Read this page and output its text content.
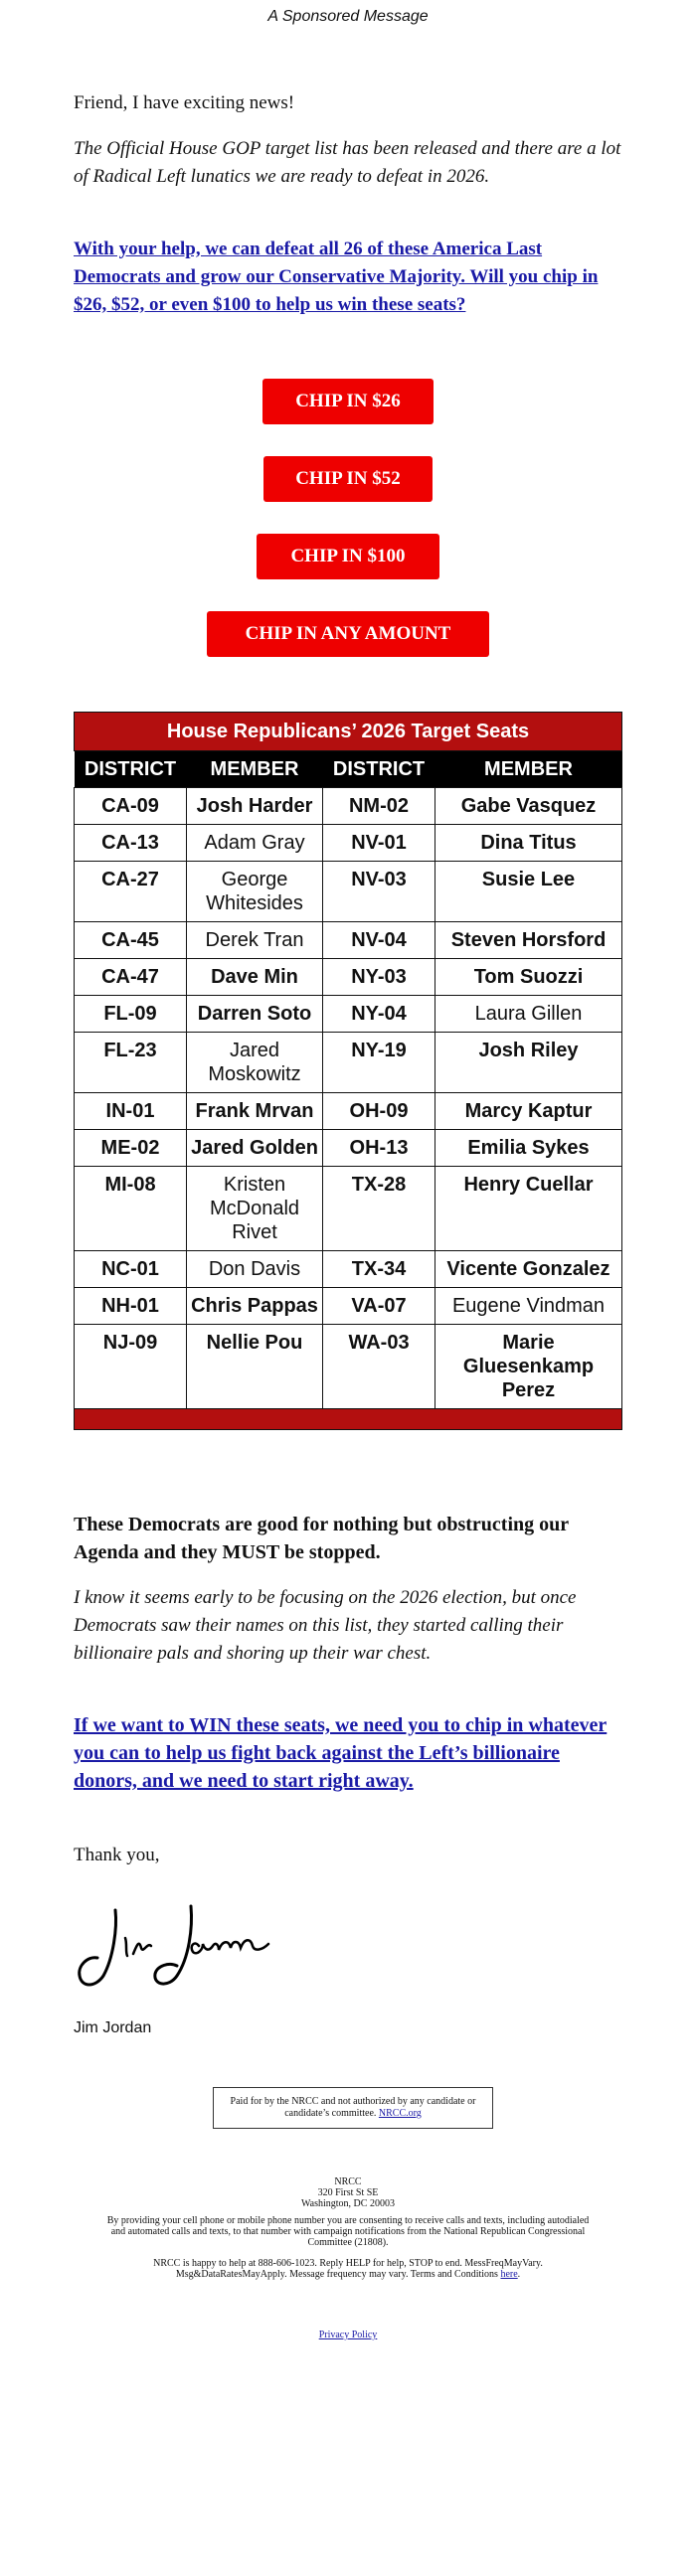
A Sponsored Message

Friend, I have exciting news!

The Official House GOP target list has been released and there are a lot of Radical Left lunatics we are ready to defeat in 2026.

With your help, we can defeat all 26 of these America Last Democrats and grow our Conservative Majority. Will you chip in $26, $52, or even $100 to help us win these seats?
CHIP IN $26
CHIP IN $52
CHIP IN $100
CHIP IN ANY AMOUNT

These Democrats are good for nothing but obstructing our Agenda and they MUST be stopped.

I know it seems early to be focusing on the 2026 election, but once Democrats saw their names on this list, they started calling their billionaire pals and shoring up their war chest.

If we want to WIN these seats, we need you to chip in whatever you can to help us fight back against the Left’s billionaire donors, and we need to start right away.

Thank you,

Jim Jordan
House Republicans’ 2026 Target Seats			
DISTRICT	MEMBER	DISTRICT	MEMBER
CA-09	Josh Harder	NM-02	Gabe Vasquez
CA-13	Adam Gray	NV-01	Dina Titus
CA-27	George Whitesides	NV-03	Susie Lee
CA-45	Derek Tran	NV-04	Steven Horsford
CA-47	Dave Min	NY-03	Tom Suozzi
FL-09	Darren Soto	NY-04	Laura Gillen
FL-23	Jared Moskowitz	NY-19	Josh Riley
IN-01	Frank Mrvan	OH-09	Marcy Kaptur
ME-02	Jared Golden	OH-13	Emilia Sykes
MI-08	Kristen McDonald Rivet	TX-28	Henry Cuellar
NC-01	Don Davis	TX-34	Vicente Gonzalez
NH-01	Chris Pappas	VA-07	Eugene Vindman
NJ-09	Nellie Pou	WA-03	Marie Gluesenkamp Perez

Paid for by the NRCC and not authorized by any candidate or candidate’s committee. NRCC.org
NRCC
320 First St SE
Washington, DC 20003
By providing your cell phone or mobile phone number you are consenting to receive calls and texts, including autodialed and automated calls and texts, to that number with campaign notifications from the National Republican Congressional Committee (21808).
NRCC is happy to help at 888-606-1023. Reply HELP for help, STOP to end. MessFreqMayVary. Msg&DataRatesMayApply. Message frequency may vary. Terms and Conditions here.
Privacy Policy
